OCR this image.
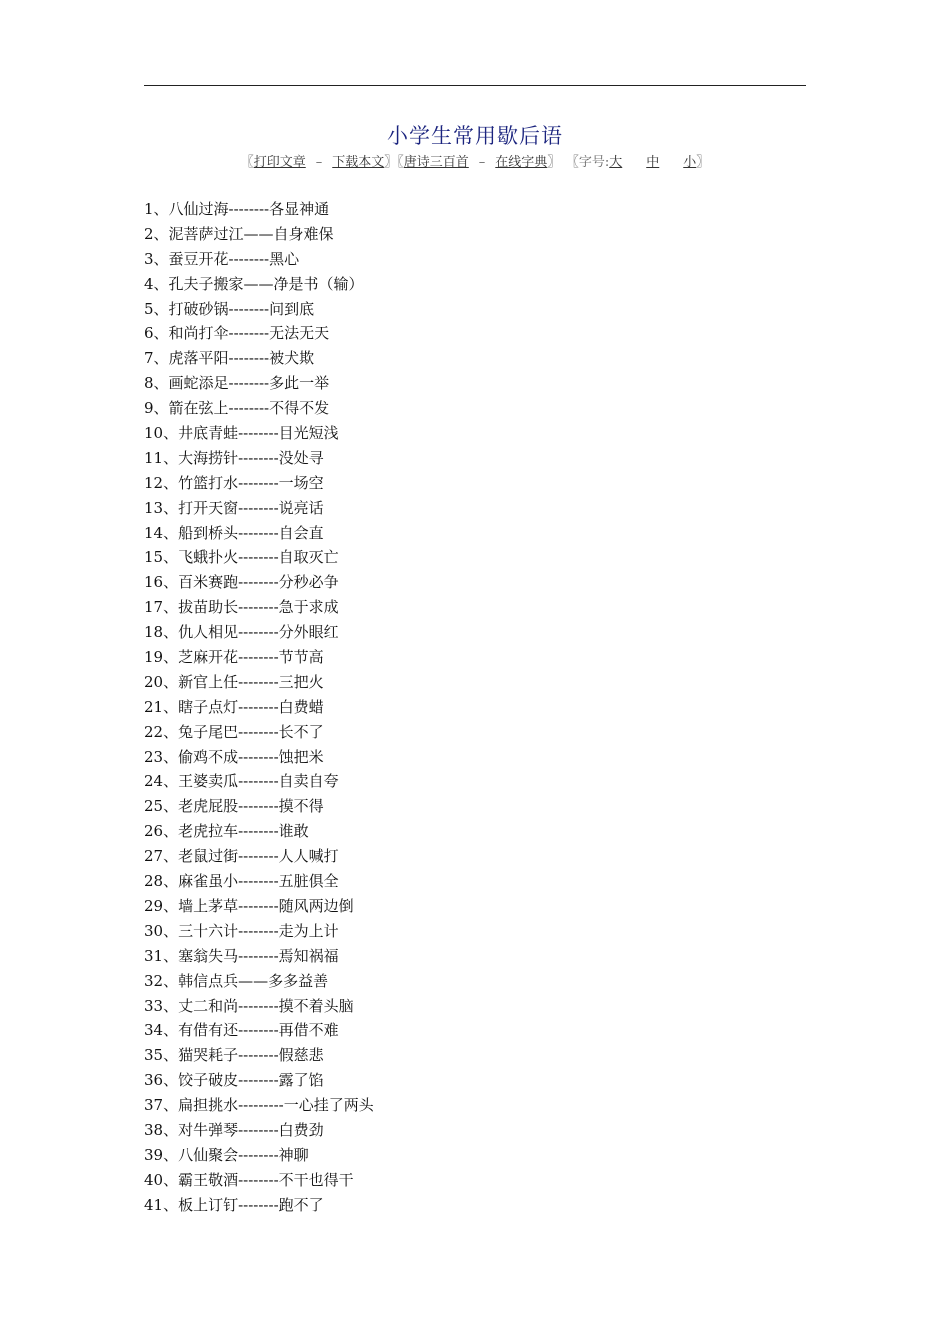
小学生常用歇后语
〖打印文章 – 下载本文〗〖唐诗三百首 – 在线字典〗 〖字号:大 中 小〗
1、八仙过海--------各显神通
2、泥菩萨过江——自身难保
3、蚕豆开花--------黑心
4、孔夫子搬家——净是书（输）
5、打破砂锅--------问到底
6、和尚打伞--------无法无天
7、虎落平阳--------被犬欺
8、画蛇添足--------多此一举
9、箭在弦上--------不得不发
10、井底青蛙--------目光短浅
11、大海捞针--------没处寻
12、竹篮打水--------一场空
13、打开天窗--------说亮话
14、船到桥头--------自会直
15、飞蛾扑火--------自取灭亡
16、百米赛跑--------分秒必争
17、拔苗助长--------急于求成
18、仇人相见--------分外眼红
19、芝麻开花--------节节高
20、新官上任--------三把火
21、瞎子点灯--------白费蜡
22、兔子尾巴--------长不了
23、偷鸡不成--------蚀把米
24、王婆卖瓜--------自卖自夸
25、老虎屁股--------摸不得
26、老虎拉车--------谁敢
27、老鼠过街--------人人喊打
28、麻雀虽小--------五脏俱全
29、墙上茅草--------随风两边倒
30、三十六计--------走为上计
31、塞翁失马--------焉知祸福
32、韩信点兵——多多益善
33、丈二和尚--------摸不着头脑
34、有借有还--------再借不难
35、猫哭耗子--------假慈悲
36、饺子破皮--------露了馅
37、扁担挑水---------一心挂了两头
38、对牛弹琴--------白费劲
39、八仙聚会--------神聊
40、霸王敬酒--------不干也得干
41、板上订钉--------跑不了
